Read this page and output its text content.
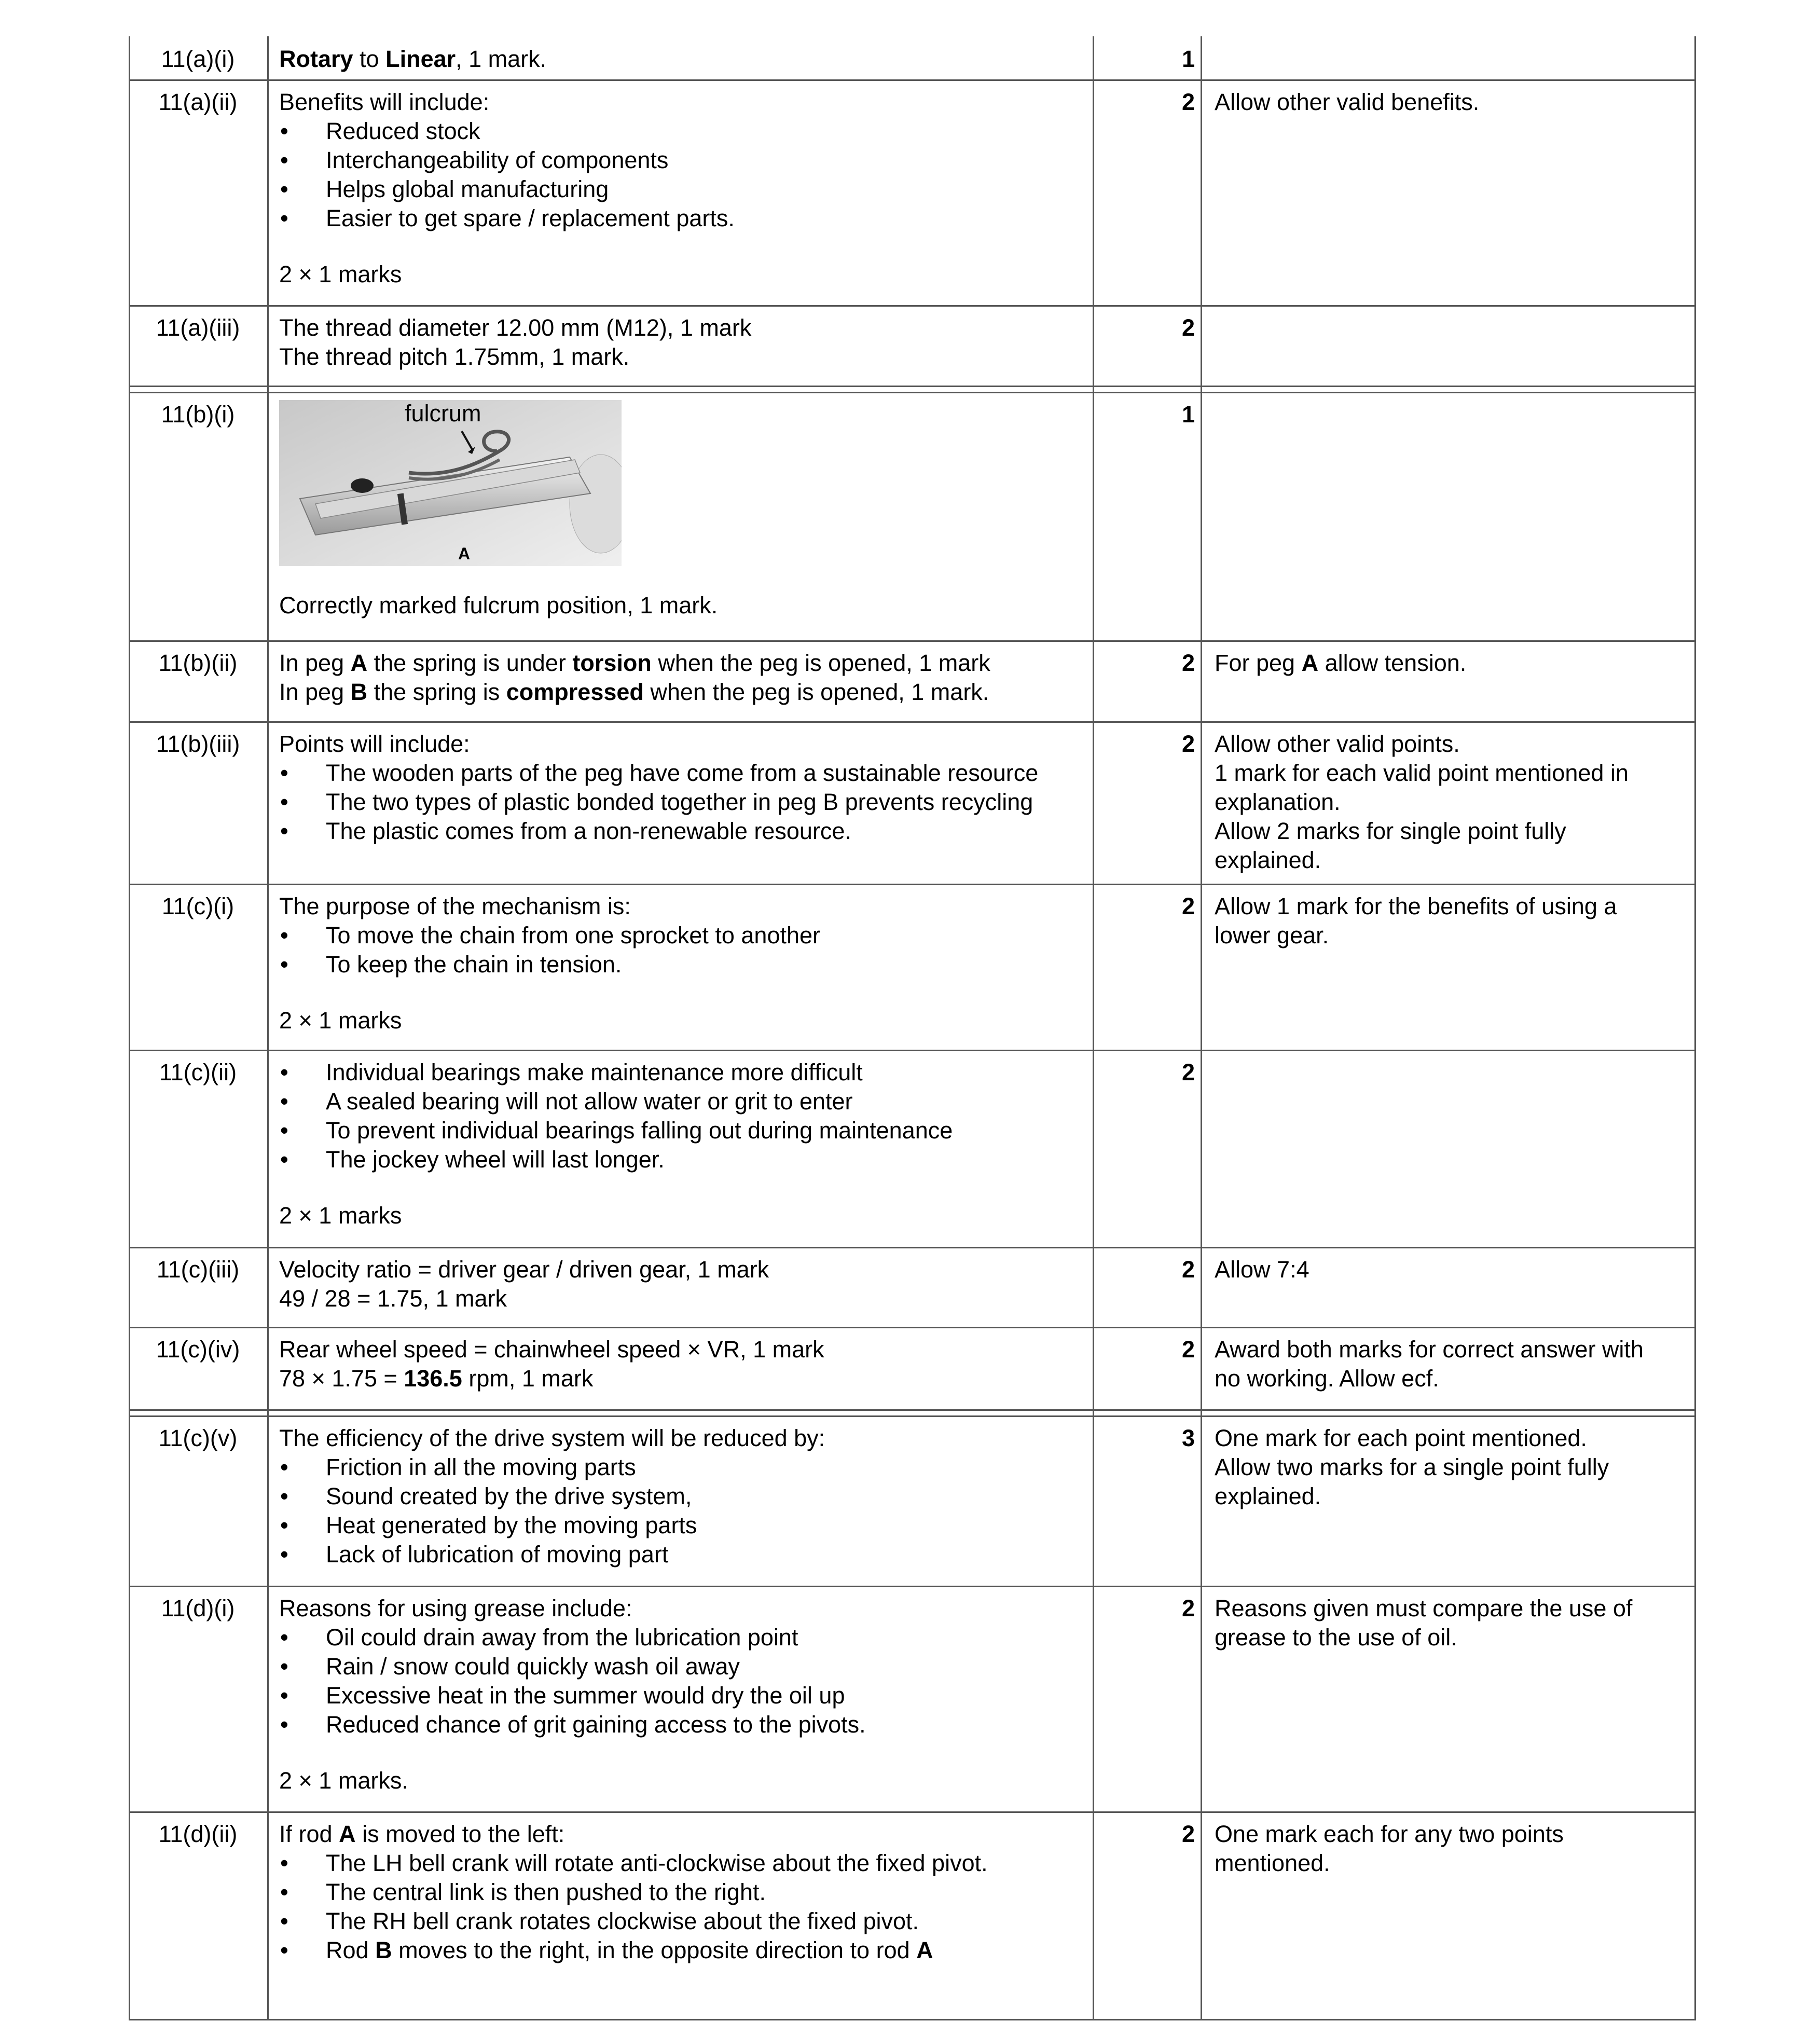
11(a)(i)	Rotary to Linear, 1 mark.	1
11(a)(ii)	Benefits will include:
• Reduced stock
• Interchangeability of components
• Helps global manufacturing
• Easier to get spare / replacement parts.
2 × 1 marks
2 Allow other valid benefits.
11(a)(iii)	The thread diameter 12.00 mm (M12), 1 mark
The thread pitch 1.75mm, 1 mark.
2
11(b)(i)	fulcrum
A
Correctly marked fulcrum position, 1 mark.
1
11(b)(ii)	In peg A the spring is under torsion when the peg is opened, 1 mark
In peg B the spring is compressed when the peg is opened, 1 mark.
2 For peg A allow tension.
11(b)(iii)	Points will include:
• The wooden parts of the peg have come from a sustainable resource
• The two types of plastic bonded together in peg B prevents recycling
• The plastic comes from a non-renewable resource.
2 Allow other valid points.
1 mark for each valid point mentioned in
explanation.
Allow 2 marks for single point fully
explained.
11(c)(i)	The purpose of the mechanism is:
• To move the chain from one sprocket to another
• To keep the chain in tension.
2 × 1 marks
2 Allow 1 mark for the benefits of using a
lower gear.
11(c)(ii)
•	Individual bearings make maintenance more difficult
• A sealed bearing will not allow water or grit to enter
• To prevent individual bearings falling out during maintenance
• The jockey wheel will last longer.
2 × 1 marks
2
11(c)(iii)	Velocity ratio = driver gear / driven gear, 1 mark
49 / 28 = 1.75, 1 mark
2 Allow 7:4
11(c)(iv)	Rear wheel speed = chainwheel speed × VR, 1 mark
78 × 1.75 = 136.5 rpm, 1 mark
2 Award both marks for correct answer with
no working. Allow ecf.
11(c)(v)	The efficiency of the drive system will be reduced by:
• Friction in all the moving parts
• Sound created by the drive system,
• Heat generated by the moving parts
• Lack of lubrication of moving part
3 One mark for each point mentioned.
Allow two marks for a single point fully
explained.
11(d)(i)	Reasons for using grease include:
• Oil could drain away from the lubrication point
• Rain / snow could quickly wash oil away
• Excessive heat in the summer would dry the oil up
• Reduced chance of grit gaining access to the pivots.
2 × 1 marks.
2 Reasons given must compare the use of
grease to the use of oil.
11(d)(ii)	If rod A is moved to the left:
• The LH bell crank will rotate anti-clockwise about the fixed pivot.
• The central link is then pushed to the right.
• The RH bell crank rotates clockwise about the fixed pivot.
• Rod B moves to the right, in the opposite direction to rod A
2 One mark each for any two points
mentioned.
